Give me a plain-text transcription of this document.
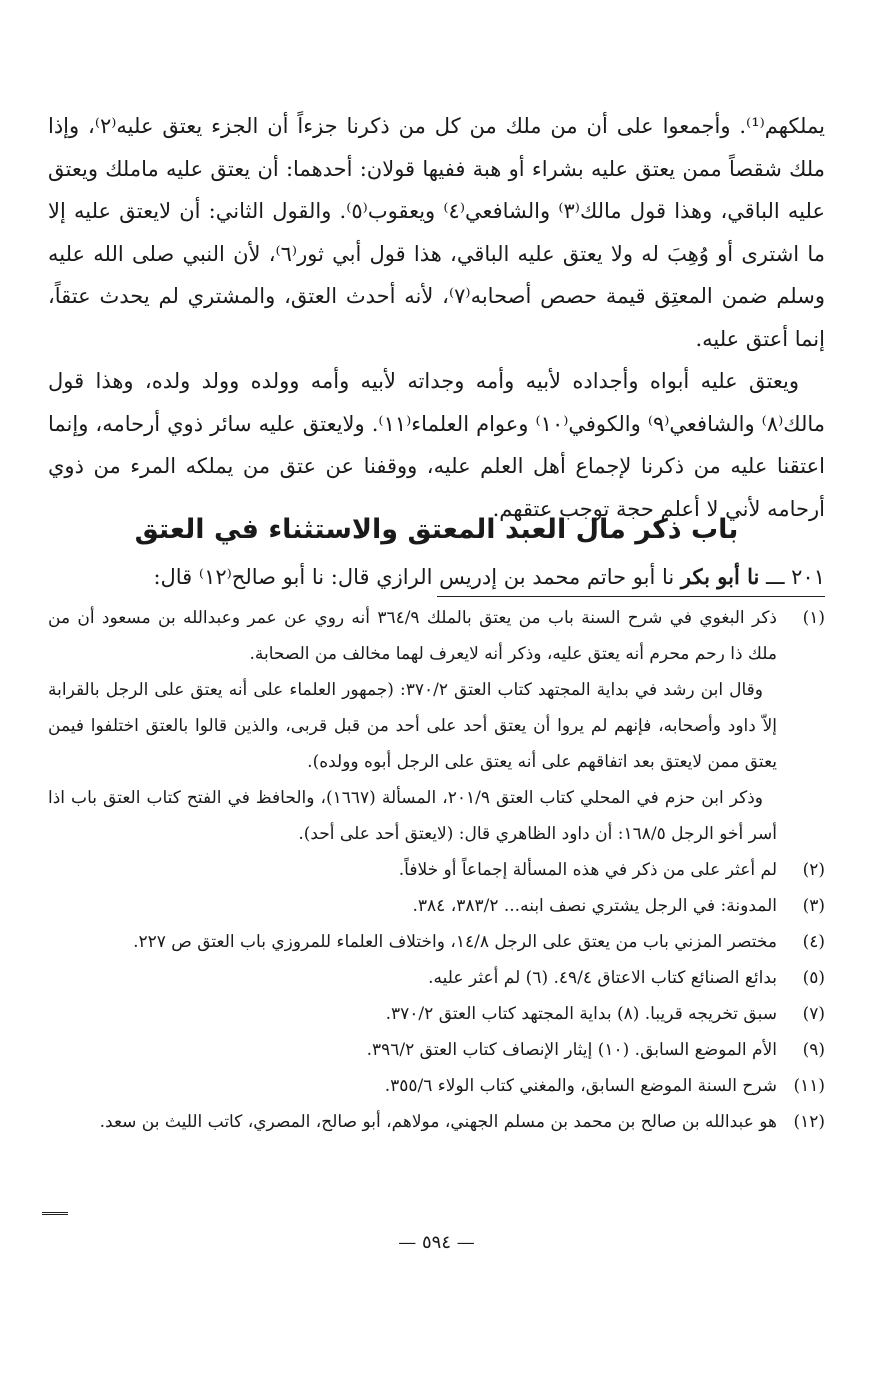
يملكهم⁽¹⁾. وأجمعوا على أن من ملك من كل من ذكرنا جزءاً أن الجزء يعتق عليه⁽٢⁾، وإذا ملك شقصاً ممن يعتق عليه بشراء أو هبة ففيها قولان: أحدهما: أن يعتق عليه ماملك ويعتق عليه الباقي، وهذا قول مالك⁽٣⁾ والشافعي⁽٤⁾ ويعقوب⁽٥⁾. والقول الثاني: أن لايعتق عليه إلا ما اشترى أو وُهِبَ له ولا يعتق عليه الباقي، هذا قول أبي ثور⁽٦⁾، لأن النبي صلى الله عليه وسلم ضمن المعتِق قيمة حصص أصحابه⁽٧⁾، لأنه أحدث العتق، والمشتري لم يحدث عتقاً، إنما أعتق عليه.

ويعتق عليه أبواه وأجداده لأبيه وأمه وجداته لأبيه وأمه وولده وولد ولده، وهذا قول مالك⁽٨⁾ والشافعي⁽٩⁾ والكوفي⁽١٠⁾ وعوام العلماء⁽١١⁾. ولايعتق عليه سائر ذوي أرحامه، وإنما اعتقنا عليه من ذكرنا لإجماع أهل العلم عليه، ووقفنا عن عتق من يملكه المرء من ذوي أرحامه لأني لا أعلم حجة توجب عتقهم.

باب ذكر مال العبد المعتق والاستثناء في العتق
٢٠١ ـــ نا أبو بكر نا أبو حاتم محمد بن إدريس الرازي قال: نا أبو صالح⁽١٢⁾ قال:
(١)

ذكر البغوي في شرح السنة باب من يعتق بالملك ٣٦٤/٩ أنه روي عن عمر وعبدالله بن مسعود أن من ملك ذا رحم محرم أنه يعتق عليه، وذكر أنه لايعرف لهما مخالف من الصحابة.

وقال ابن رشد في بداية المجتهد كتاب العتق ٣٧٠/٢: (جمهور العلماء على أنه يعتق على الرجل بالقرابة إلاّ داود وأصحابه، فإنهم لم يروا أن يعتق أحد على أحد من قبل قربى، والذين قالوا بالعتق اختلفوا فيمن يعتق ممن لايعتق بعد اتفاقهم على أنه يعتق على الرجل أبوه وولده).

وذكر ابن حزم في المحلي كتاب العتق ٢٠١/٩، المسألة (١٦٦٧)، والحافظ في الفتح كتاب العتق باب اذا أسر أخو الرجل ١٦٨/٥: أن داود الظاهري قال: (لايعتق أحد على أحد).

(٢)

لم أعثر على من ذكر في هذه المسألة إجماعاً أو خلافاً.

(٣)

المدونة: في الرجل يشتري نصف ابنه... ٣٨٣/٢، ٣٨٤.

(٤)

مختصر المزني باب من يعتق على الرجل ١٤/٨، واختلاف العلماء للمروزي باب العتق ص ٢٢٧.

(٥)

بدائع الصنائع كتاب الاعتاق ٤٩/٤. (٦) لم أعثر عليه.

(٧)

سبق تخريجه قريبا. (٨) بداية المجتهد كتاب العتق ٣٧٠/٢.

(٩)

الأم الموضع السابق. (١٠) إيثار الإنصاف كتاب العتق ٣٩٦/٢.

(١١)

شرح السنة الموضع السابق، والمغني كتاب الولاء ٣٥٥/٦.

(١٢)

هو عبدالله بن صالح بن محمد بن مسلم الجهني، مولاهم، أبو صالح، المصري، كاتب الليث بن سعد.

— ٥٩٤ —
